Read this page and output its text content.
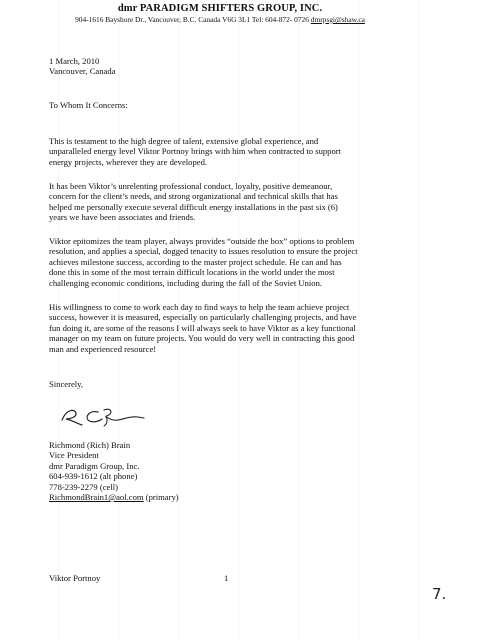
dmr PARADIGM SHIFTERS GROUP, INC.
904-1616 Bayshore Dr., Vancouver, B.C. Canada V6G 3L1 Tel: 604-872- 0726 dmrpsgi@shaw.ca
1 March, 2010
Vancouver, Canada
To Whom It Concerns:
This is testament to the high degree of talent, extensive global experience, and
unparalleled energy level Viktor Portnoy brings with him when contracted to support
energy projects, wherever they are developed.
It has been Viktor’s unrelenting professional conduct, loyalty, positive demeanour,
concern for the client’s needs, and strong organizational and technical skills that has
helped me personally execute several difficult energy installations in the past six (6)
years we have been associates and friends.
Viktor epitomizes the team player, always provides “outside the box” options to problem
resolution, and applies a special, dogged tenacity to issues resolution to ensure the project
achieves milestone success, according to the master project schedule. He can and has
done this in some of the most terrain difficult locations in the world under the most
challenging economic conditions, including during the fall of the Soviet Union.
His willingness to come to work each day to find ways to help the team achieve project
success, however it is measured, especially on particularly challenging projects, and have
fun doing it, are some of the reasons I will always seek to have Viktor as a key functional
manager on my team on future projects. You would do very well in contracting this good
man and experienced resource!
Sincerely,
Richmond (Rich) Brain
Vice President
dmr Paradigm Group, Inc.
604-939-1612 (alt phone)
778-239-2279 (cell)
RichmondBrain1@aol.com (primary)
Viktor Portnoy	1
7.
